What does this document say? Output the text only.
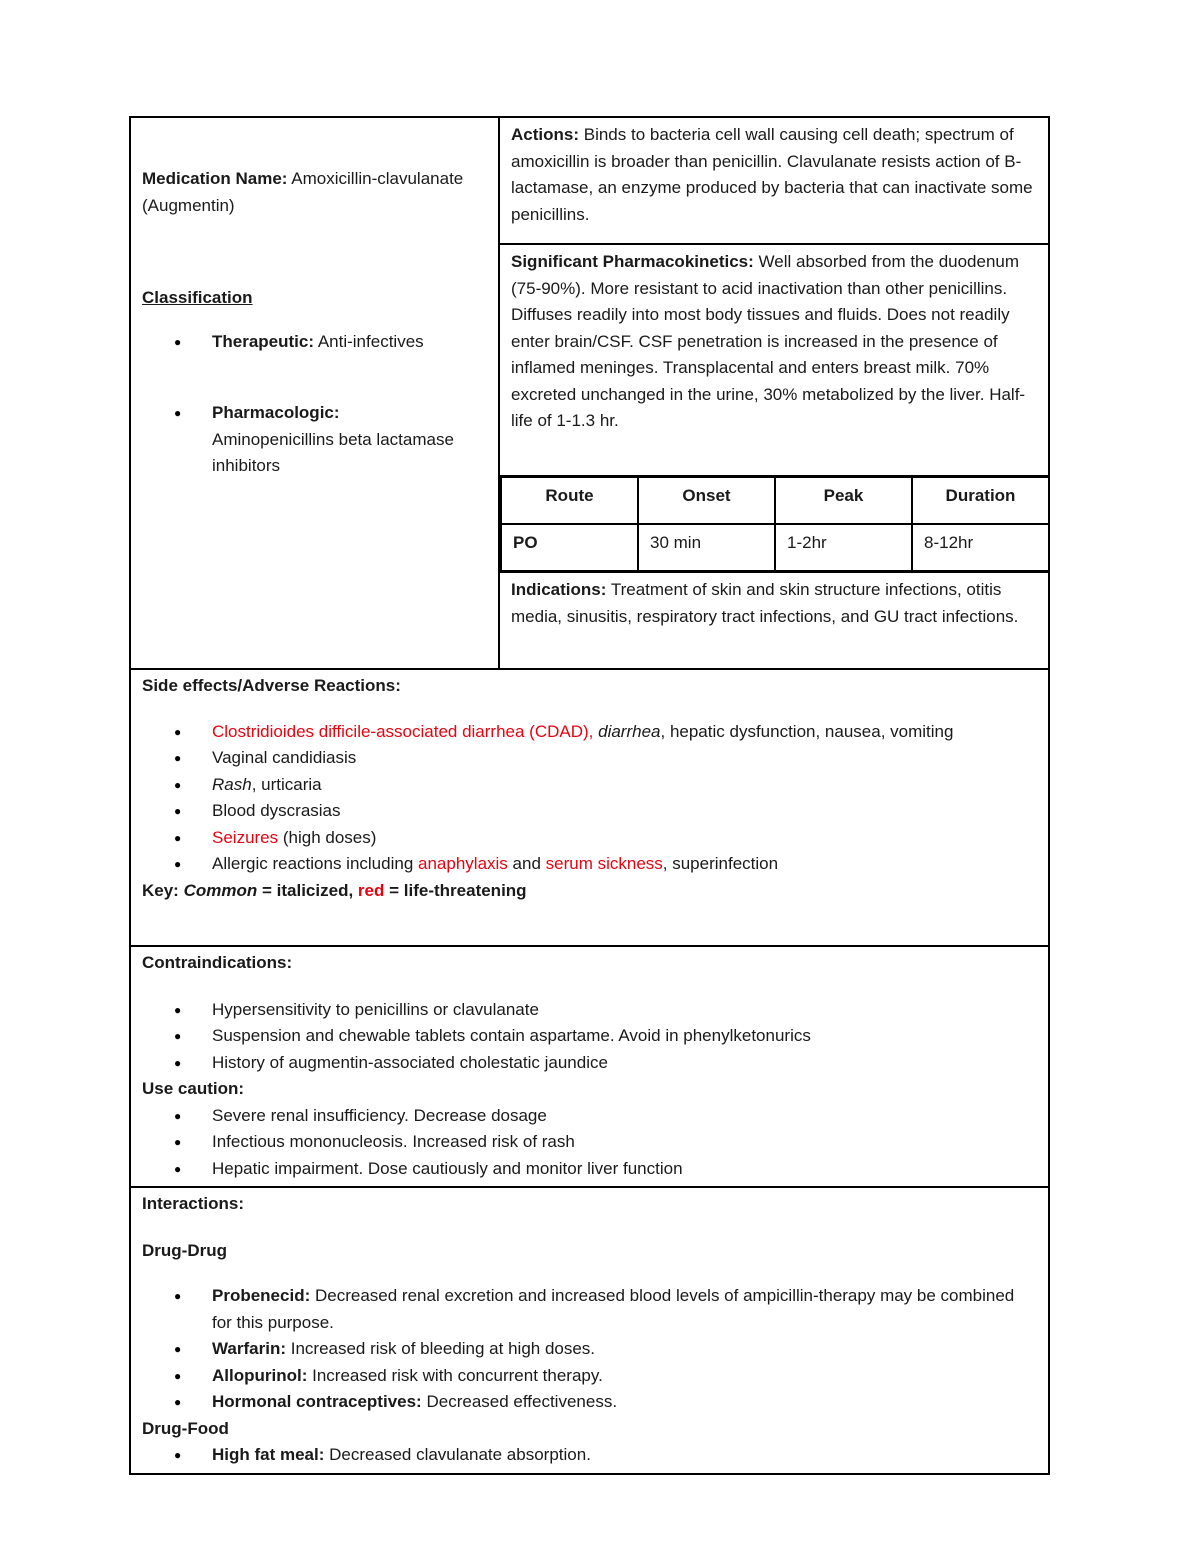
Medication Name: Amoxicillin-clavulanate (Augmentin)

Classification

● Therapeutic: Anti-infectives
● Pharmacologic:
Aminopenicillins beta lactamase inhibitors
	Actions: Binds to bacteria cell wall causing cell death; spectrum of amoxicillin is broader than penicillin. Clavulanate resists action of B-lactamase, an enzyme produced by bacteria that can inactivate some penicillins.
Significant Pharmacokinetics: Well absorbed from the duodenum (75-90%). More resistant to acid inactivation than other penicillins. Diffuses readily into most body tissues and fluids. Does not readily enter brain/CSF. CSF penetration is increased in the presence of inflamed meninges. Transplacental and enters breast milk. 70% excreted unchanged in the urine, 30% metabolized by the liver. Half-life of 1-1.3 hr.

Route	Onset	Peak	Duration
PO	30 min	1-2hr	8-12hr

Indications: Treatment of skin and skin structure infections, otitis media, sinusitis, respiratory tract infections, and GU tract infections.

Side effects/Adverse Reactions:

● Clostridioides difficile-associated diarrhea (CDAD), diarrhea, hepatic dysfunction, nausea, vomiting
● Vaginal candidiasis
● Rash, urticaria
● Blood dyscrasias
● Seizures (high doses)
● Allergic reactions including anaphylaxis and serum sickness, superinfection

Key: Common = italicized, red = life-threatening

Contraindications:

● Hypersensitivity to penicillins or clavulanate
● Suspension and chewable tablets contain aspartame. Avoid in phenylketonurics
● History of augmentin-associated cholestatic jaundice

Use caution:

● Severe renal insufficiency. Decrease dosage
● Infectious mononucleosis. Increased risk of rash
● Hepatic impairment. Dose cautiously and monitor liver function

Interactions:

Drug-Drug

● Probenecid: Decreased renal excretion and increased blood levels of ampicillin-therapy may be combined for this purpose.
● Warfarin: Increased risk of bleeding at high doses.
● Allopurinol: Increased risk with concurrent therapy.
● Hormonal contraceptives: Decreased effectiveness.

Drug-Food

● High fat meal: Decreased clavulanate absorption.
